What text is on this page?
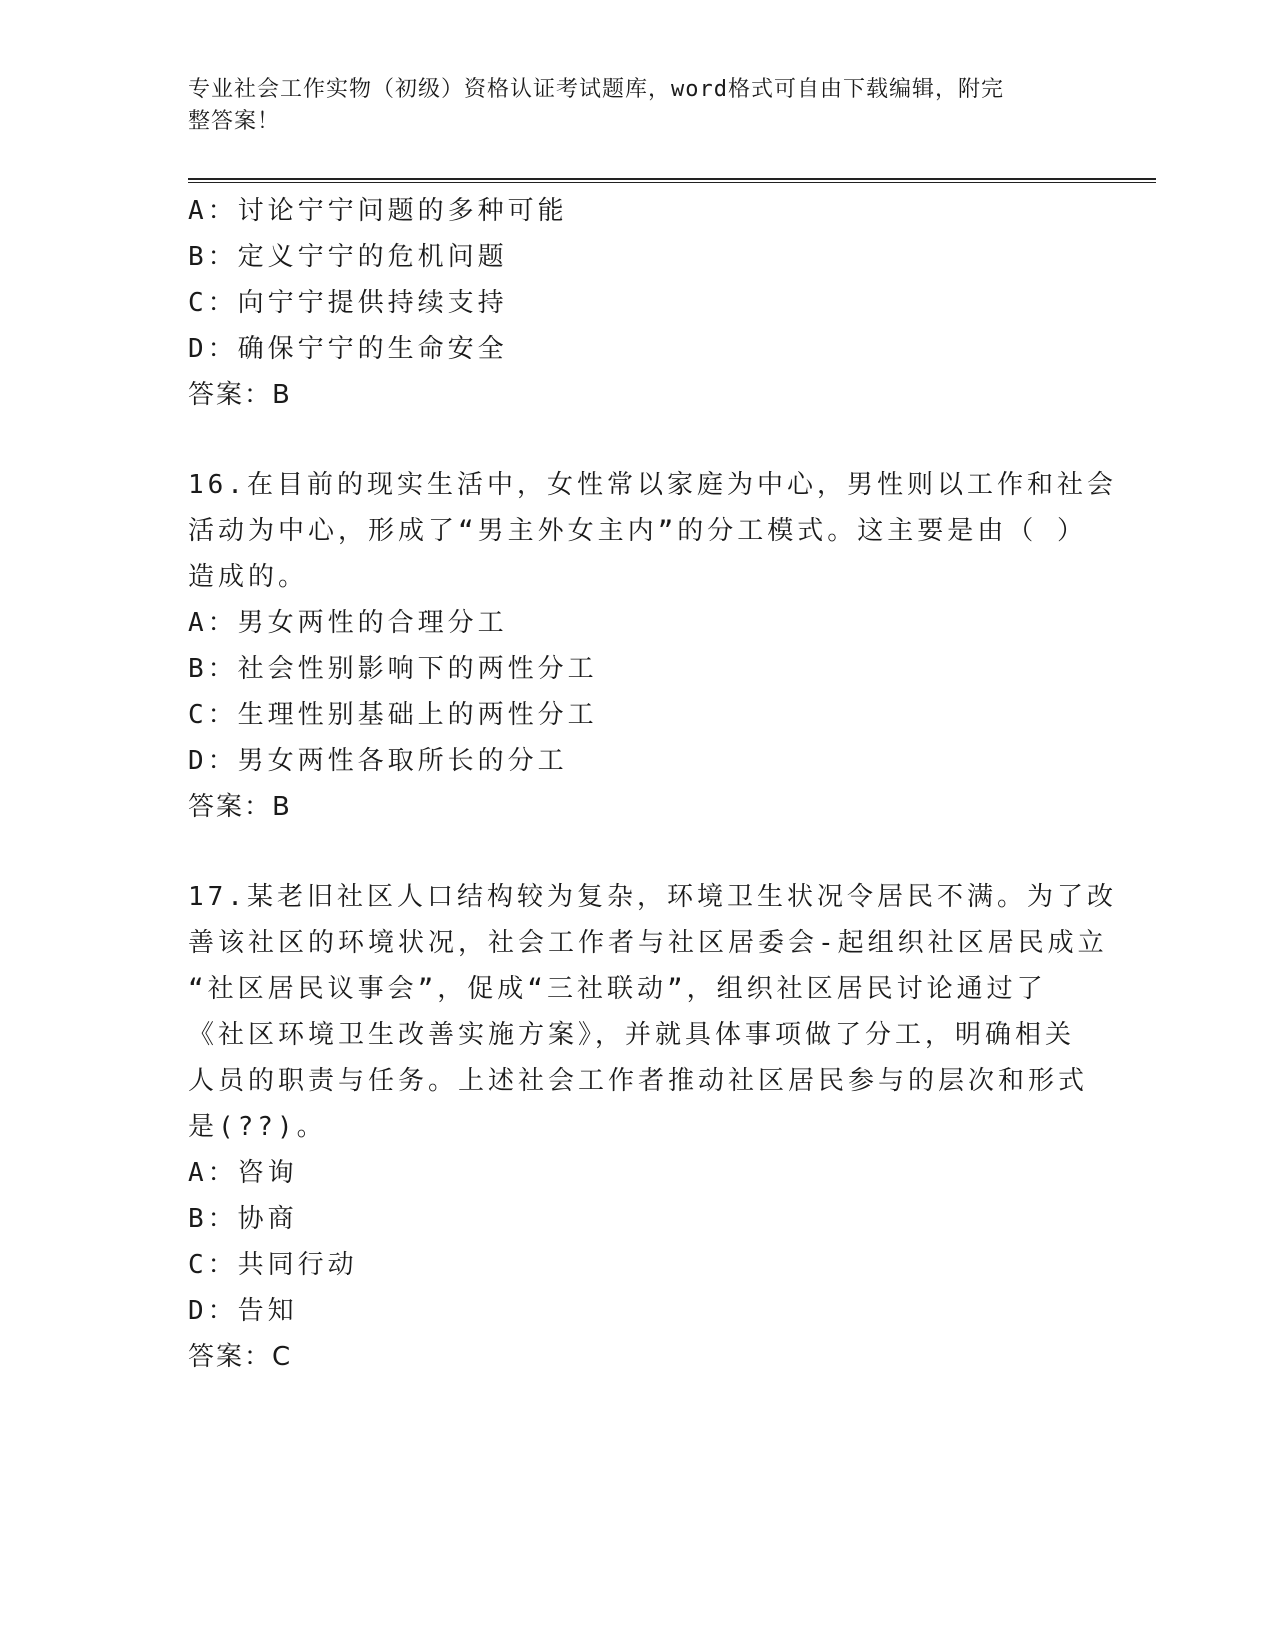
专业社会工作实物（初级）资格认证考试题库，word格式可自由下载编辑，附完
整答案！
A：讨论宁宁问题的多种可能
B：定义宁宁的危机问题
C：向宁宁提供持续支持
D：确保宁宁的生命安全
答案：B
16.在目前的现实生活中，女性常以家庭为中心，男性则以工作和社会
活动为中心，形成了“男主外女主内”的分工模式。这主要是由（ ）
造成的。
A：男女两性的合理分工
B：社会性别影响下的两性分工
C：生理性别基础上的两性分工
D：男女两性各取所长的分工
答案：B
17.某老旧社区人口结构较为复杂，环境卫生状况令居民不满。为了改
善该社区的环境状况，社会工作者与社区居委会-起组织社区居民成立
“社区居民议事会”，促成“三社联动”，组织社区居民讨论通过了
《社区环境卫生改善实施方案》，并就具体事项做了分工，明确相关
人员的职责与任务。上述社会工作者推动社区居民参与的层次和形式
是(??)。
A：咨询
B：协商
C：共同行动
D：告知
答案：C
